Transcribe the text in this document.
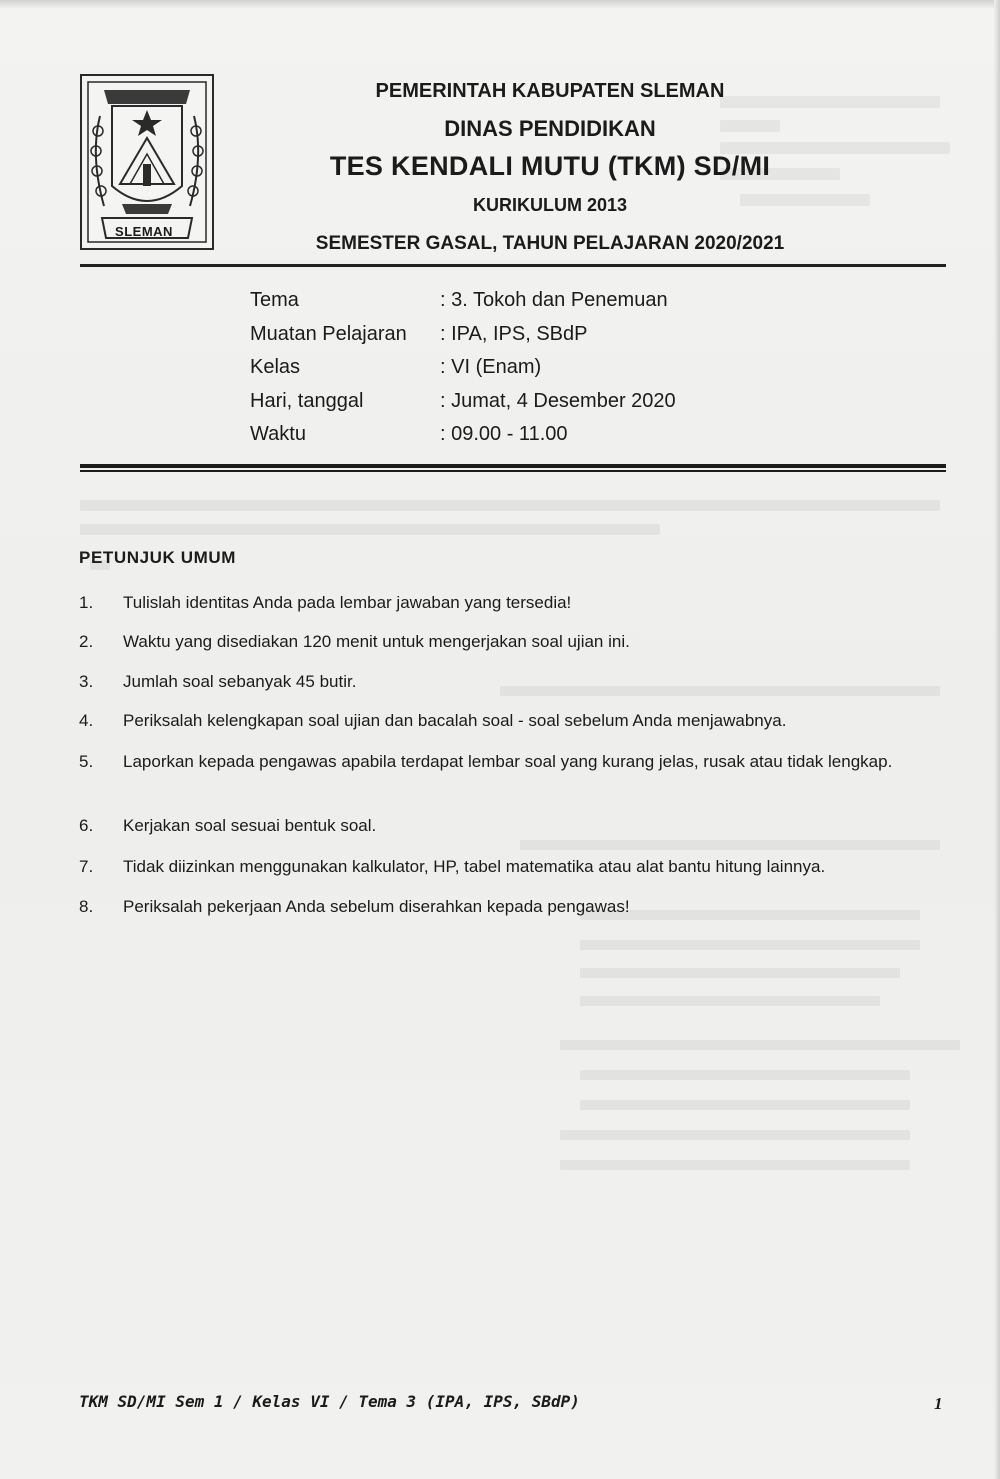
SLEMAN
PEMERINTAH KABUPATEN SLEMAN
DINAS PENDIDIKAN
TES KENDALI MUTU (TKM) SD/MI
KURIKULUM 2013
SEMESTER GASAL, TAHUN PELAJARAN 2020/2021
Tema	: 3. Tokoh dan Penemuan
Muatan Pelajaran : IPA, IPS, SBdP
Kelas	: VI (Enam)
Hari, tanggal	: Jumat, 4 Desember 2020
Waktu	: 09.00 - 11.00
PETUNJUK UMUM
1. Tulislah identitas Anda pada lembar jawaban yang tersedia!
2. Waktu yang disediakan 120 menit untuk mengerjakan soal ujian ini.
3. Jumlah soal sebanyak 45 butir.
4. Periksalah kelengkapan soal ujian dan bacalah soal - soal sebelum Anda menjawabnya.
5. Laporkan kepada pengawas apabila terdapat lembar soal yang kurang jelas, rusak atau tidak lengkap.
6. Kerjakan soal sesuai bentuk soal.
7. Tidak diizinkan menggunakan kalkulator, HP, tabel matematika atau alat bantu hitung lainnya.
8. Periksalah pekerjaan Anda sebelum diserahkan kepada pengawas!
TKM SD/MI Sem 1 / Kelas VI / Tema 3 (IPA, IPS, SBdP)	1
